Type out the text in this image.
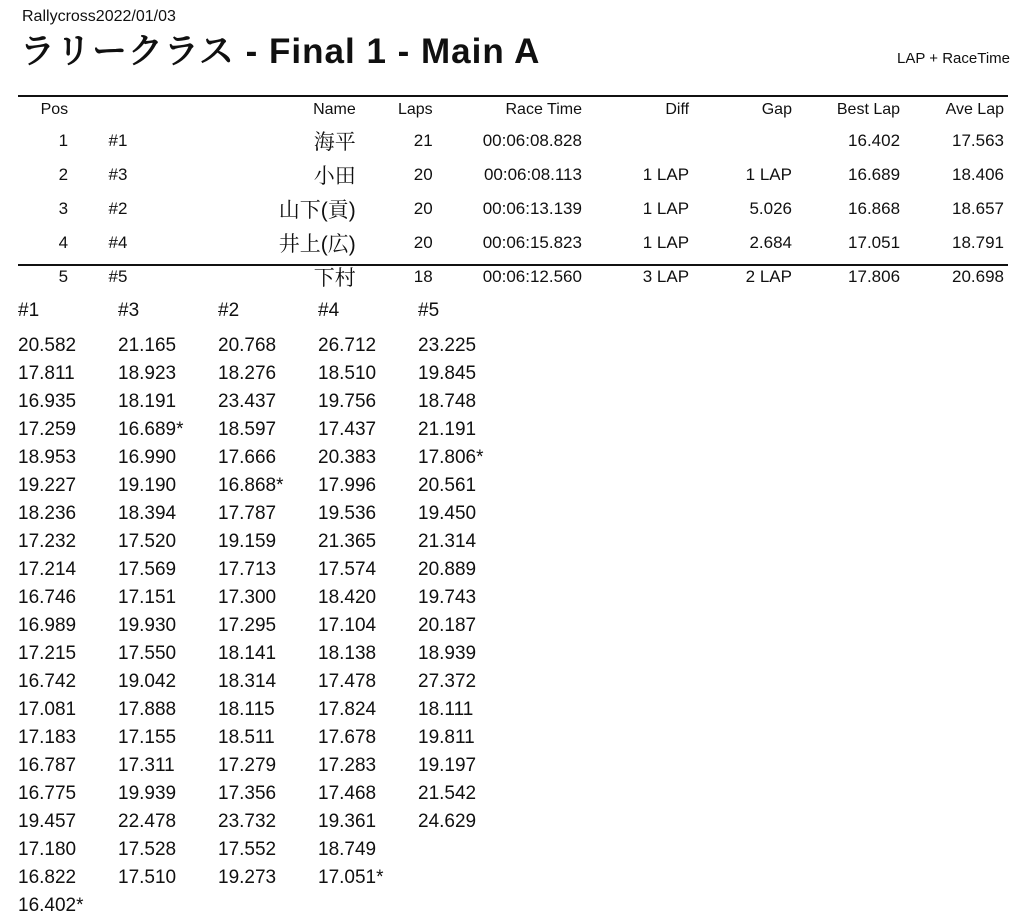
Rallycross2022/01/03
ラリークラス - Final 1 - Main A	LAP + RaceTime
Pos		Name	Laps	Race Time	Diff	Gap	Best Lap	Ave Lap
1	#1	海平	21	00:06:08.828			16.402	17.563
2	#3	小田	20	00:06:08.113	1 LAP	1 LAP	16.689	18.406
3	#2	山下(貢)	20	00:06:13.139	1 LAP	5.026	16.868	18.657
4	#4	井上(広)	20	00:06:15.823	1 LAP	2.684	17.051	18.791
5	#5	下村	18	00:06:12.560	3 LAP	2 LAP	17.806	20.698
#1	#3	#2	#4	#5
20.582	21.165	20.768	26.712	23.225
17.811	18.923	18.276	18.510	19.845
16.935	18.191	23.437	19.756	18.748
17.259	16.689*	18.597	17.437	21.191
18.953	16.990	17.666	20.383	17.806*
19.227	19.190	16.868*	17.996	20.561
18.236	18.394	17.787	19.536	19.450
17.232	17.520	19.159	21.365	21.314
17.214	17.569	17.713	17.574	20.889
16.746	17.151	17.300	18.420	19.743
16.989	19.930	17.295	17.104	20.187
17.215	17.550	18.141	18.138	18.939
16.742	19.042	18.314	17.478	27.372
17.081	17.888	18.115	17.824	18.111
17.183	17.155	18.511	17.678	19.811
16.787	17.311	17.279	17.283	19.197
16.775	19.939	17.356	17.468	21.542
19.457	22.478	23.732	19.361	24.629
17.180	17.528	17.552	18.749
16.822	17.510	19.273	17.051*
16.402*
